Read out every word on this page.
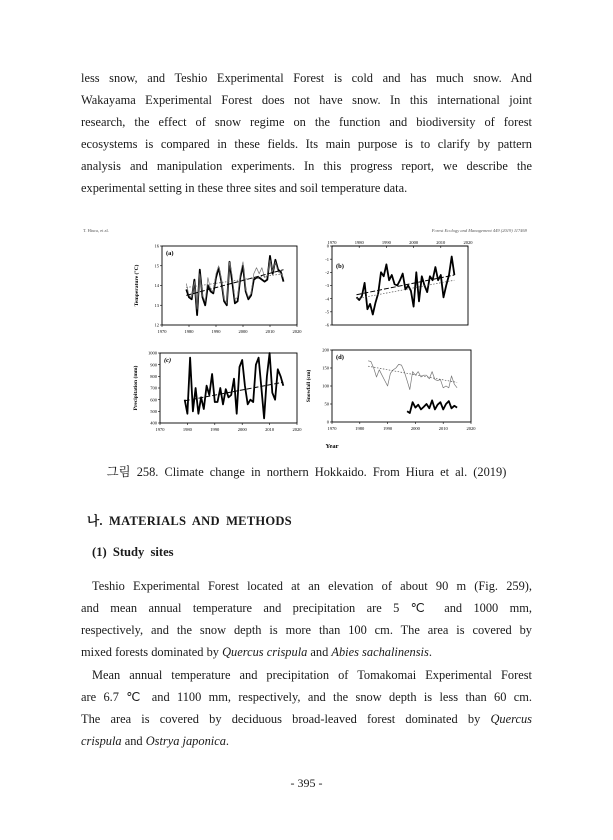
less snow, and Teshio Experimental Forest is cold and has much snow. And
Wakayama Experimental Forest does not have snow. In this international joint
research, the effect of snow regime on the function and biodiversity of forest
ecosystems is compared in these fields. Its main purpose is to clarify by pattern
analysis and manipulation experiments. In this progress report, we describe the
experimental setting in these three sites and soil temperature data.
T. Hiura, et al.	Forest Ecology and Management 449 (2019) 117469
12
13
14
15
16
1970	1980	1990	2000	2010	2020
(a)
Temperature (°C)
0
-1
-2
-3
-4
-5
-6
1970	1980	1990	2000	2010	2020
(b)
400
500
600
700
800
900
1000
1970	1980	1990	2000	2010	2020
(c)
Precipitation (mm)
0
50
100
150
200
1970	1980	1990	2000	2010	2020
(d)
Snowfall (cm)
Year
그림 258. Climate change in northern Hokkaido. From Hiura et al. (2019)
나. MATERIALS AND METHODS
(1) Study sites
Teshio Experimental Forest located at an elevation of about 90 m (Fig. 259),
and mean annual temperature and precipitation are 5 ℃ and 1000 mm,
respectively, and the snow depth is more than 100 cm. The area is covered by
mixed forests dominated by Quercus crispula and Abies sachalinensis.
Mean annual temperature and precipitation of Tomakomai Experimental Forest
are 6.7 ℃ and 1100 mm, respectively, and the snow depth is less than 60 cm.
The area is covered by deciduous broad-leaved forest dominated by Quercus
crispula and Ostrya japonica.
- 395 -
